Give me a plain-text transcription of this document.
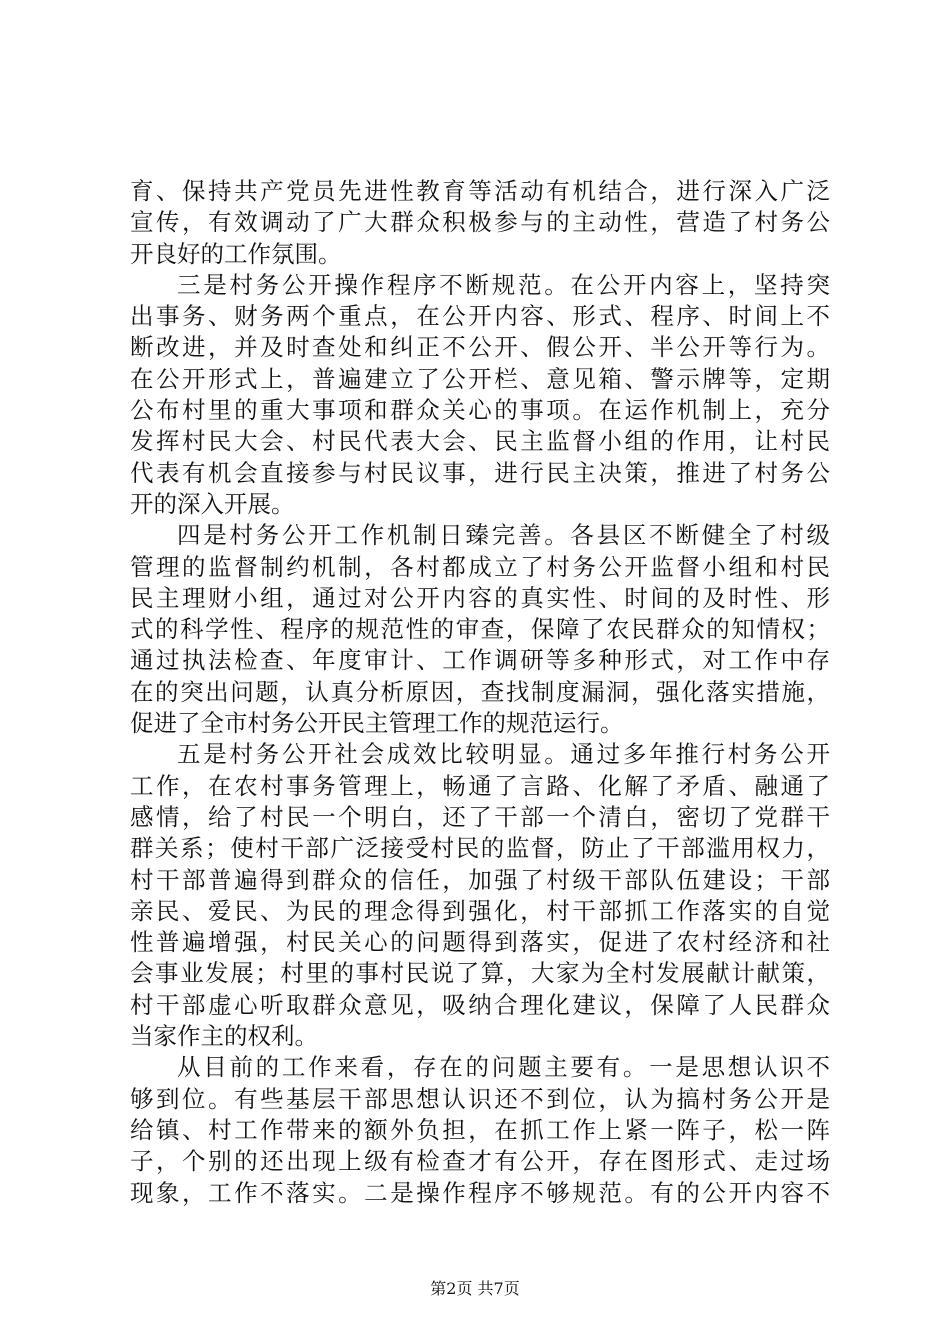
育、保持共产党员先进性教育等活动有机结合，进行深入广泛
宣传，有效调动了广大群众积极参与的主动性，营造了村务公
开良好的工作氛围。
三是村务公开操作程序不断规范。在公开内容上，坚持突
出事务、财务两个重点，在公开内容、形式、程序、时间上不
断改进，并及时查处和纠正不公开、假公开、半公开等行为。
在公开形式上，普遍建立了公开栏、意见箱、警示牌等，定期
公布村里的重大事项和群众关心的事项。在运作机制上，充分
发挥村民大会、村民代表大会、民主监督小组的作用，让村民
代表有机会直接参与村民议事，进行民主决策，推进了村务公
开的深入开展。
四是村务公开工作机制日臻完善。各县区不断健全了村级
管理的监督制约机制，各村都成立了村务公开监督小组和村民
民主理财小组，通过对公开内容的真实性、时间的及时性、形
式的科学性、程序的规范性的审查，保障了农民群众的知情权；
通过执法检查、年度审计、工作调研等多种形式，对工作中存
在的突出问题，认真分析原因，查找制度漏洞，强化落实措施，
促进了全市村务公开民主管理工作的规范运行。
五是村务公开社会成效比较明显。通过多年推行村务公开
工作，在农村事务管理上，畅通了言路、化解了矛盾、融通了
感情，给了村民一个明白，还了干部一个清白，密切了党群干
群关系；使村干部广泛接受村民的监督，防止了干部滥用权力，
村干部普遍得到群众的信任，加强了村级干部队伍建设；干部
亲民、爱民、为民的理念得到强化，村干部抓工作落实的自觉
性普遍增强，村民关心的问题得到落实，促进了农村经济和社
会事业发展；村里的事村民说了算，大家为全村发展献计献策，
村干部虚心听取群众意见，吸纳合理化建议，保障了人民群众
当家作主的权利。
从目前的工作来看，存在的问题主要有。一是思想认识不
够到位。有些基层干部思想认识还不到位，认为搞村务公开是
给镇、村工作带来的额外负担，在抓工作上紧一阵子，松一阵
子，个别的还出现上级有检查才有公开，存在图形式、走过场
现象，工作不落实。二是操作程序不够规范。有的公开内容不
第2页 共7页
